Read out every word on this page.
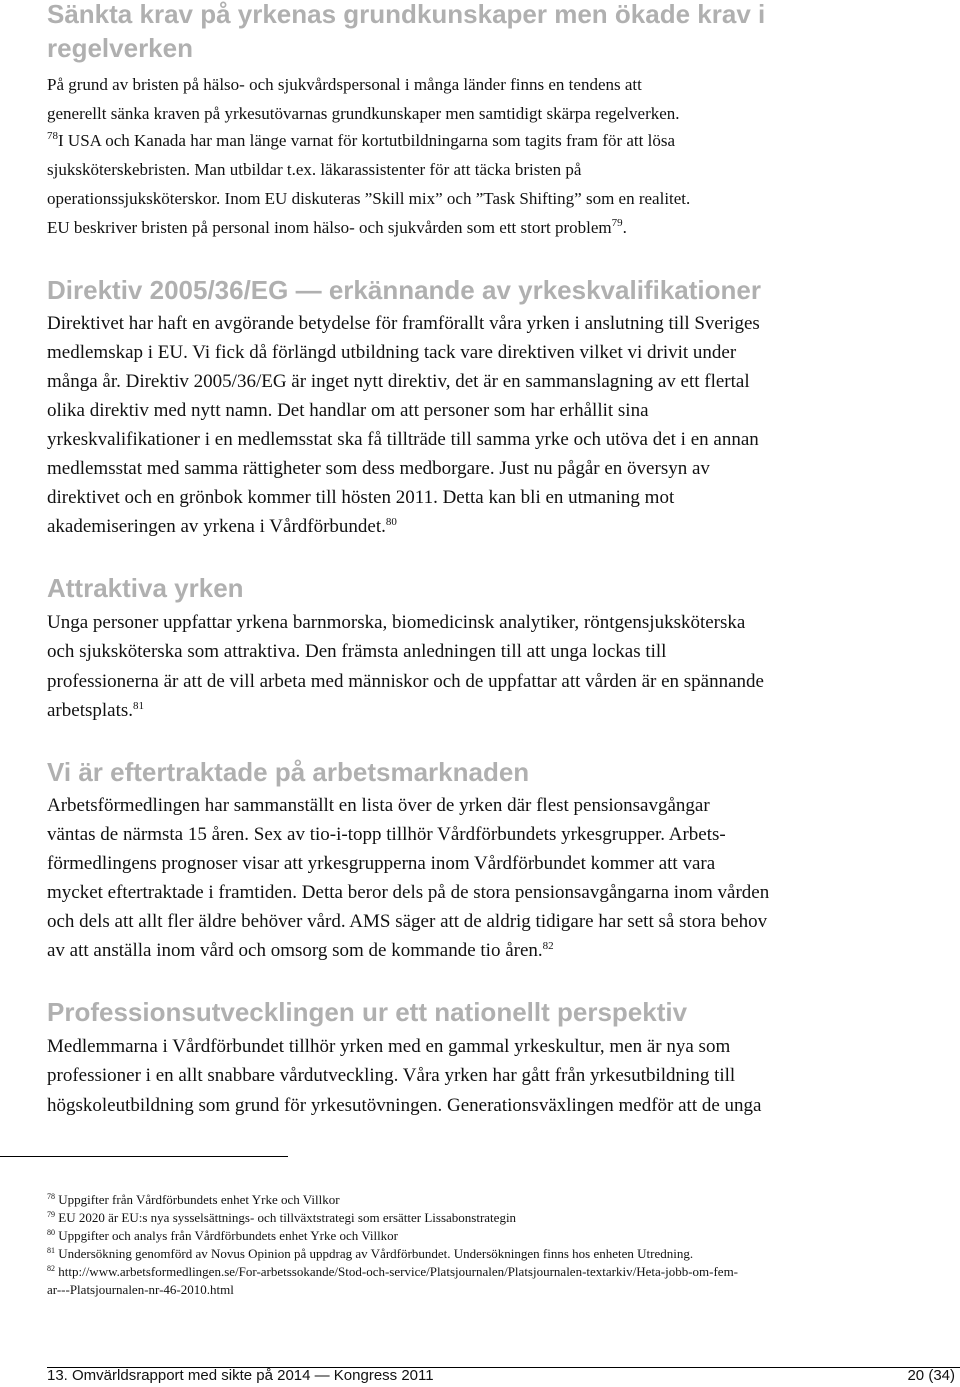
Sänkta krav på yrkenas grundkunskaper men ökade krav i
regelverken

På grund av bristen på hälso- och sjukvårdspersonal i många länder finns en tendens att

generellt sänka kraven på yrkesutövarnas grundkunskaper men samtidigt skärpa regelverken.

$^{78}$I USA och Kanada har man länge varnat för kortutbildningarna som tagits fram för att lösa

sjuksköterskebristen. Man utbildar t.ex. läkarassistenter för att täcka bristen på

operationssjuksköterskor. Inom EU diskuteras ”Skill mix” och ”Task Shifting” som en realitet.

EU beskriver bristen på personal inom hälso- och sjukvården som ett stort problem$^{79}$.

Direktiv 2005/36/EG — erkännande av yrkeskvalifikationer

Direktivet har haft en avgörande betydelse för framförallt våra yrken i anslutning till Sveriges

medlemskap i EU. Vi fick då förlängd utbildning tack vare direktiven vilket vi drivit under

många år. Direktiv 2005/36/EG är inget nytt direktiv, det är en sammanslagning av ett flertal

olika direktiv med nytt namn. Det handlar om att personer som har erhållit sina

yrkeskvalifikationer i en medlemsstat ska få tillträde till samma yrke och utöva det i en annan

medlemsstat med samma rättigheter som dess medborgare. Just nu pågår en översyn av

direktivet och en grönbok kommer till hösten 2011. Detta kan bli en utmaning mot

akademiseringen av yrkena i Vårdförbundet.$^{80}$

Attraktiva yrken

Unga personer uppfattar yrkena barnmorska, biomedicinsk analytiker, röntgensjuksköterska

och sjuksköterska som attraktiva. Den främsta anledningen till att unga lockas till

professionerna är att de vill arbeta med människor och de uppfattar att vården är en spännande

arbetsplats.$^{81}$

Vi är eftertraktade på arbetsmarknaden

Arbetsförmedlingen har sammanställt en lista över de yrken där flest pensionsavgångar

väntas de närmsta 15 åren. Sex av tio-i-topp tillhör Vårdförbundets yrkesgrupper. Arbets-

förmedlingens prognoser visar att yrkesgrupperna inom Vårdförbundet kommer att vara

mycket eftertraktade i framtiden. Detta beror dels på de stora pensionsavgångarna inom vården

och dels att allt fler äldre behöver vård. AMS säger att de aldrig tidigare har sett så stora behov

av att anställa inom vård och omsorg som de kommande tio åren.$^{82}$

Professionsutvecklingen ur ett nationellt perspektiv

Medlemmarna i Vårdförbundet tillhör yrken med en gammal yrkeskultur, men är nya som

professioner i en allt snabbare vårdutveckling. Våra yrken har gått från yrkesutbildning till

högskoleutbildning som grund för yrkesutövningen. Generationsväxlingen medför att de unga

$^{78}$ Uppgifter från Vårdförbundets enhet Yrke och Villkor

$^{79}$ EU 2020 är EU:s nya sysselsättnings- och tillväxtstrategi som ersätter Lissabonstrategin

$^{80}$ Uppgifter och analys från Vårdförbundets enhet Yrke och Villkor

$^{81}$ Undersökning genomförd av Novus Opinion på uppdrag av Vårdförbundet. Undersökningen finns hos enheten Utredning.

$^{82}$ http://www.arbetsformedlingen.se/For-arbetssokande/Stod-och-service/Platsjournalen/Platsjournalen-textarkiv/Heta-jobb-om-fem-

ar---Platsjournalen-nr-46-2010.html

13. Omvärldsrapport med sikte på 2014 — Kongress 2011	20 (34)
